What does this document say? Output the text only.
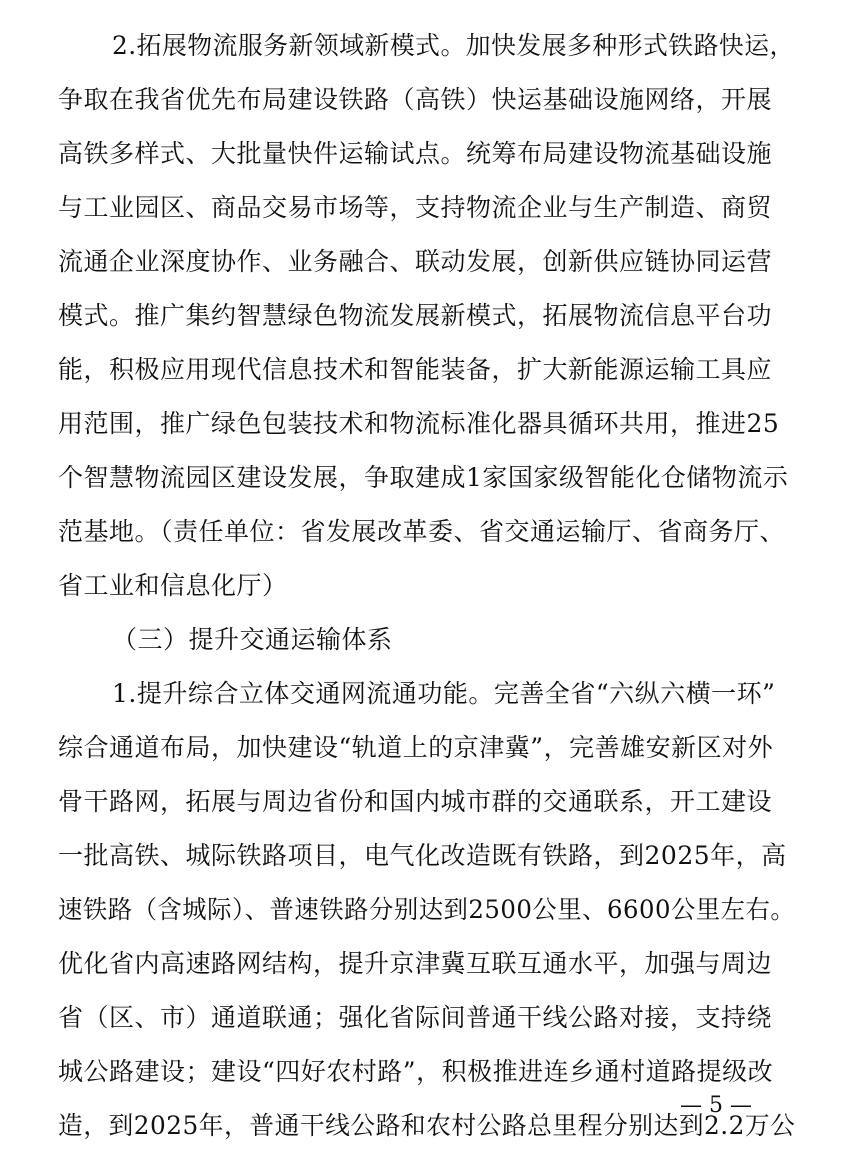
2.拓展物流服务新领域新模式。加快发展多种形式铁路快运，
争取在我省优先布局建设铁路（高铁）快运基础设施网络，开展
高铁多样式、大批量快件运输试点。统筹布局建设物流基础设施
与工业园区、商品交易市场等，支持物流企业与生产制造、商贸
流通企业深度协作、业务融合、联动发展，创新供应链协同运营
模式。推广集约智慧绿色物流发展新模式，拓展物流信息平台功
能，积极应用现代信息技术和智能装备，扩大新能源运输工具应
用范围，推广绿色包装技术和物流标准化器具循环共用，推进25
个智慧物流园区建设发展，争取建成1家国家级智能化仓储物流示
范基地。（责任单位：省发展改革委、省交通运输厅、省商务厅、
省工业和信息化厅）
（三）提升交通运输体系
1.提升综合立体交通网流通功能。完善全省“六纵六横一环”
综合通道布局，加快建设“轨道上的京津冀”，完善雄安新区对外
骨干路网，拓展与周边省份和国内城市群的交通联系，开工建设
一批高铁、城际铁路项目，电气化改造既有铁路，到2025年，高
速铁路（含城际）、普速铁路分别达到2500公里、6600公里左右。
优化省内高速路网结构，提升京津冀互联互通水平，加强与周边
省（区、市）通道联通；强化省际间普通干线公路对接，支持绕
城公路建设；建设“四好农村路”，积极推进连乡通村道路提级改
造，到2025年，普通干线公路和农村公路总里程分别达到2.2万公
— 5 —
